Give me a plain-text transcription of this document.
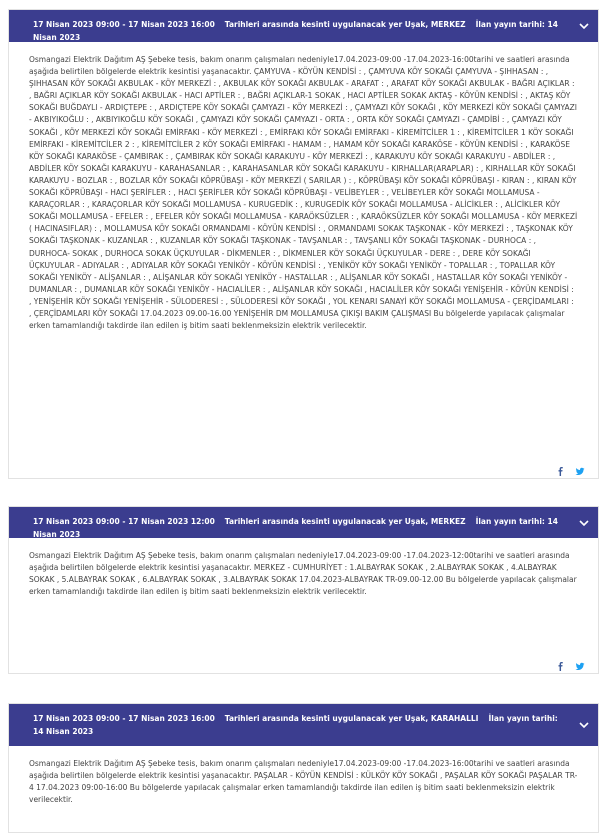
17 Nisan 2023 09:00 - 17 Nisan 2023 16:00 Tarihleri arasında kesinti uygulanacak yer Uşak, MERKEZ İlan yayın tarihi: 14 Nisan 2023
Osmangazi Elektrik Dağıtım AŞ Şebeke tesis, bakım onarım çalışmaları nedeniyle17.04.2023-09:00 -17.04.2023-16:00tarihi ve saatleri arasında aşağıda belirtilen bölgelerde elektrik kesintisi yaşanacaktır. ÇAMYUVA - KÖYÜN KENDİSİ : , ÇAMYUVA KÖY SOKAĞI ÇAMYUVA - ŞIHHASAN : , ŞIHHASAN KÖY SOKAĞI AKBULAK - KÖY MERKEZİ : , AKBULAK KÖY SOKAĞI AKBULAK - ARAFAT : , ARAFAT KÖY SOKAĞI AKBULAK - BAĞRI AÇIKLAR : , BAĞRI AÇIKLAR KÖY SOKAĞI AKBULAK - HACI APTİLER : , BAĞRI AÇIKLAR-1 SOKAK , HACI APTİLER SOKAK AKTAŞ - KÖYÜN KENDİSİ : , AKTAŞ KÖY SOKAĞI BUĞDAYLI - ARDIÇTEPE : , ARDIÇTEPE KÖY SOKAĞI ÇAMYAZI - KÖY MERKEZİ : , ÇAMYAZI KÖY SOKAĞI , KÖY MERKEZİ KÖY SOKAĞI ÇAMYAZI - AKBIYIKOĞLU : , AKBIYIKOĞLU KÖY SOKAĞI , ÇAMYAZI KÖY SOKAĞI ÇAMYAZI - ORTA : , ORTA KÖY SOKAĞI ÇAMYAZI - ÇAMDİBİ : , ÇAMYAZI KÖY SOKAĞI , KÖY MERKEZİ KÖY SOKAĞI EMİRFAKI - KÖY MERKEZİ : , EMİRFAKI KÖY SOKAĞI EMİRFAKI - KİREMİTCİLER 1 : , KİREMİTCİLER 1 KÖY SOKAĞI EMİRFAKI - KİREMİTCİLER 2 : , KİREMİTCİLER 2 KÖY SOKAĞI EMİRFAKI - HAMAM : , HAMAM KÖY SOKAĞI KARAKÖSE - KÖYÜN KENDİSİ : , KARAKÖSE KÖY SOKAĞI KARAKÖSE - ÇAMBIRAK : , ÇAMBIRAK KÖY SOKAĞI KARAKUYU - KÖY MERKEZİ : , KARAKUYU KÖY SOKAĞI KARAKUYU - ABDİLER : , ABDİLER KÖY SOKAĞI KARAKUYU - KARAHASANLAR : , KARAHASANLAR KÖY SOKAĞI KARAKUYU - KIRHALLAR(ARAPLAR) : , KIRHALLAR KÖY SOKAĞI KARAKUYU - BOZLAR : , BOZLAR KÖY SOKAĞI KÖPRÜBAŞI - KÖY MERKEZİ ( SARILAR ) : , KÖPRÜBAŞI KÖY SOKAĞI KÖPRÜBAŞI - KIRAN : , KIRAN KÖY SOKAĞI KÖPRÜBAŞI - HACI ŞERİFLER : , HACI ŞERİFLER KÖY SOKAĞI KÖPRÜBAŞI - VELİBEYLER : , VELİBEYLER KÖY SOKAĞI MOLLAMUSA - KARAÇORLAR : , KARAÇORLAR KÖY SOKAĞI MOLLAMUSA - KURUGEDİK : , KURUGEDİK KÖY SOKAĞI MOLLAMUSA - ALİCİKLER : , ALİCİKLER KÖY SOKAĞI MOLLAMUSA - EFELER : , EFELER KÖY SOKAĞI MOLLAMUSA - KARAÖKSÜZLER : , KARAÖKSÜZLER KÖY SOKAĞI MOLLAMUSA - KÖY MERKEZİ ( HACINASIFLAR) : , MOLLAMUSA KÖY SOKAĞI ORMANDAMI - KÖYÜN KENDİSİ : , ORMANDAMI SOKAK TAŞKONAK - KÖY MERKEZİ : , TAŞKONAK KÖY SOKAĞI TAŞKONAK - KUZANLAR : , KUZANLAR KÖY SOKAĞI TAŞKONAK - TAVŞANLAR : , TAVŞANLI KÖY SOKAĞI TAŞKONAK - DURHOCA : , DURHOCA- SOKAK , DURHOCA SOKAK ÜÇKUYULAR - DİKMENLER : , DİKMENLER KÖY SOKAĞI ÜÇKUYULAR - DERE : , DERE KÖY SOKAĞI ÜÇKUYULAR - ADIYALAR : , ADIYALAR KÖY SOKAĞI YENİKÖY - KÖYÜN KENDİSİ : , YENİKÖY KÖY SOKAĞI YENİKÖY - TOPALLAR : , TOPALLAR KÖY SOKAĞI YENİKÖY - ALİŞANLAR : , ALİŞANLAR KÖY SOKAĞI YENİKÖY - HASTALLAR : , ALİŞANLAR KÖY SOKAĞI , HASTALLAR KÖY SOKAĞI YENİKÖY - DUMANLAR : , DUMANLAR KÖY SOKAĞI YENİKÖY - HACIALİLER : , ALİŞANLAR KÖY SOKAĞI , HACIALİLER KÖY SOKAĞI YENİŞEHİR - KÖYÜN KENDİSİ : , YENİŞEHİR KÖY SOKAĞI YENİŞEHİR - SÜLODERESİ : , SÜLODERESİ KÖY SOKAĞI , YOL KENARI SANAYİ KÖY SOKAĞI MOLLAMUSA - ÇERÇİDAMLARI : , ÇERÇİDAMLARI KÖY SOKAĞI 17.04.2023 09.00-16.00 YENİŞEHİR DM MOLLAMUSA ÇIKIŞI BAKIM ÇALIŞMASI Bu bölgelerde yapılacak çalışmalar erken tamamlandığı takdirde ilan edilen iş bitim saati beklenmeksizin elektrik verilecektir.
17 Nisan 2023 09:00 - 17 Nisan 2023 12:00 Tarihleri arasında kesinti uygulanacak yer Uşak, MERKEZ İlan yayın tarihi: 14 Nisan 2023
Osmangazi Elektrik Dağıtım AŞ Şebeke tesis, bakım onarım çalışmaları nedeniyle17.04.2023-09:00 -17.04.2023-12:00tarihi ve saatleri arasında aşağıda belirtilen bölgelerde elektrik kesintisi yaşanacaktır. MERKEZ - CUMHURİYET : 1.ALBAYRAK SOKAK , 2.ALBAYRAK SOKAK , 4.ALBAYRAK SOKAK , 5.ALBAYRAK SOKAK , 6.ALBAYRAK SOKAK , 3.ALBAYRAK SOKAK 17.04.2023-ALBAYRAK TR-09.00-12.00 Bu bölgelerde yapılacak çalışmalar erken tamamlandığı takdirde ilan edilen iş bitim saati beklenmeksizin elektrik verilecektir.
17 Nisan 2023 09:00 - 17 Nisan 2023 16:00 Tarihleri arasında kesinti uygulanacak yer Uşak, KARAHALLI İlan yayın tarihi: 14 Nisan 2023
Osmangazi Elektrik Dağıtım AŞ Şebeke tesis, bakım onarım çalışmaları nedeniyle17.04.2023-09:00 -17.04.2023-16:00tarihi ve saatleri arasında aşağıda belirtilen bölgelerde elektrik kesintisi yaşanacaktır. PAŞALAR - KÖYÜN KENDİSİ : KÜLKÖY KÖY SOKAĞI , PAŞALAR KÖY SOKAĞI PAŞALAR TR-4 17.04.2023 09:00-16:00 Bu bölgelerde yapılacak çalışmalar erken tamamlandığı takdirde ilan edilen iş bitim saati beklenmeksizin elektrik verilecektir.
